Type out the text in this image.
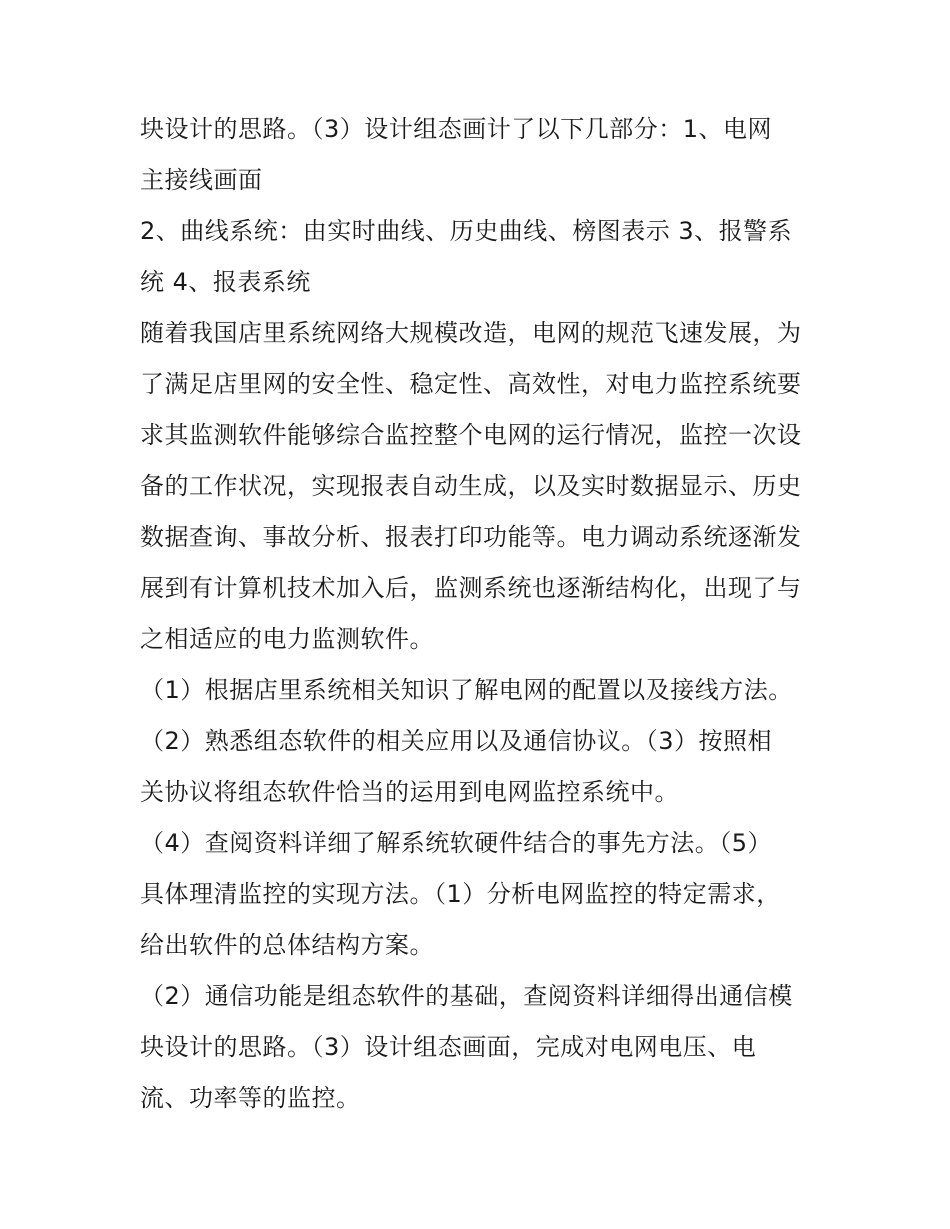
块设计的思路。（3）设计组态画计了以下几部分：1、电网
主接线画面
2、曲线系统：由实时曲线、历史曲线、榜图表示 3、报警系
统 4、报表系统
随着我国店里系统网络大规模改造，电网的规范飞速发展，为
了满足店里网的安全性、稳定性、高效性，对电力监控系统要
求其监测软件能够综合监控整个电网的运行情况，监控一次设
备的工作状况，实现报表自动生成，以及实时数据显示、历史
数据查询、事故分析、报表打印功能等。电力调动系统逐渐发
展到有计算机技术加入后，监测系统也逐渐结构化，出现了与
之相适应的电力监测软件。
（1）根据店里系统相关知识了解电网的配置以及接线方法。
（2）熟悉组态软件的相关应用以及通信协议。（3）按照相
关协议将组态软件恰当的运用到电网监控系统中。
（4）查阅资料详细了解系统软硬件结合的事先方法。（5）
具体理清监控的实现方法。（1）分析电网监控的特定需求，
给出软件的总体结构方案。
（2）通信功能是组态软件的基础，查阅资料详细得出通信模
块设计的思路。（3）设计组态画面，完成对电网电压、电
流、功率等的监控。
